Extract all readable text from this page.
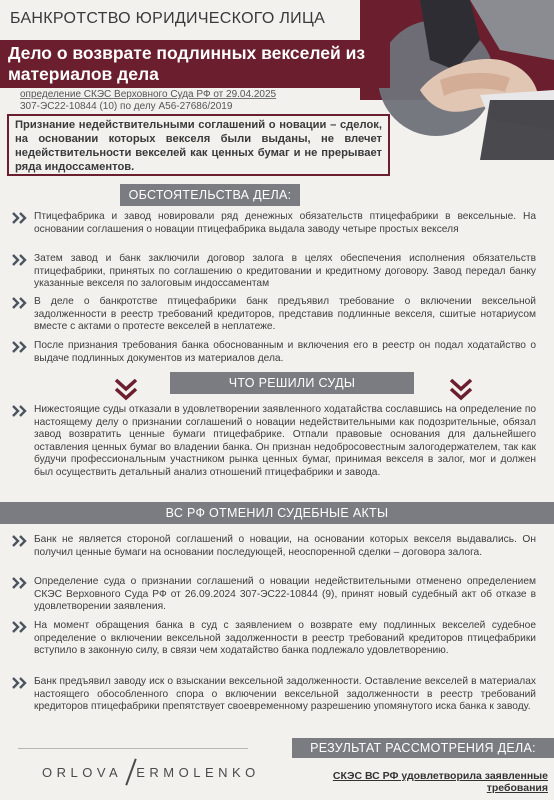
БАНКРОТСТВО ЮРИДИЧЕСКОГО ЛИЦА
Дело о возврате подлинных векселей из материалов дела
определение СКЭС Верховного Суда РФ от 29.04.2025
307-ЭС22-10844 (10) по делу А56-27686/2019
Признание недействительными соглашений о новации – сделок, на основании которых векселя были выданы, не влечет недействительности векселей как ценных бумаг и не прерывает ряда индоссаментов.
ОБСТОЯТЕЛЬСТВА ДЕЛА:
Птицефабрика и завод новировали ряд денежных обязательств птицефабрики в вексельные. На основании соглашения о новации птицефабрика выдала заводу четыре простых векселя
Затем завод и банк заключили договор залога в целях обеспечения исполнения обязательств птицефабрики, принятых по соглашению о кредитовании и кредитному договору. Завод передал банку указанные векселя по залоговым индоссаментам
В деле о банкротстве птицефабрики банк предъявил требование о включении вексельной задолженности в реестр требований кредиторов, представив подлинные векселя, сшитые нотариусом вместе с актами о протесте векселей в неплатеже.
После признания требования банка обоснованным и включения его в реестр он подал ходатайство о выдаче подлинных документов из материалов дела.
ЧТО РЕШИЛИ СУДЫ
Нижестоящие суды отказали в удовлетворении заявленного ходатайства сославшись на определение по настоящему делу о признании соглашений о новации недействительными как подозрительные, обязал завод возвратить ценные бумаги птицефабрике. Отпали правовые основания для дальнейшего оставления ценных бумаг во владении банка. Он признан недобросовестным залогодержателем, так как будучи профессиональным участником рынка ценных бумаг, принимая векселя в залог, мог и должен был осуществить детальный анализ отношений птицефабрики и завода.
ВС РФ ОТМЕНИЛ СУДЕБНЫЕ АКТЫ
Банк не является стороной соглашений о новации, на основании которых векселя выдавались. Он получил ценные бумаги на основании последующей, неоспоренной сделки – договора залога.
Определение суда о признании соглашений о новации недействительными отменено определением СКЭС Верховного Суда РФ от 26.09.2024 307-ЭС22-10844 (9), принят новый судебный акт об отказе в удовлетворении заявления.
На момент обращения банка в суд с заявлением о возврате ему подлинных векселей судебное определение о включении вексельной задолженности в реестр требований кредиторов птицефабрики вступило в законную силу, в связи чем ходатайство банка подлежало удовлетворению.
Банк предъявил заводу иск о взыскании вексельной задолженности. Оставление векселей в материалах настоящего обособленного спора о включении вексельной задолженности в реестр требований кредиторов птицефабрики препятствует своевременному разрешению упомянутого иска банка к заводу.
РЕЗУЛЬТАТ РАССМОТРЕНИЯ ДЕЛА:
СКЭС ВС РФ удовлетворила заявленные требования
ORLOVA ERMOLENKO
